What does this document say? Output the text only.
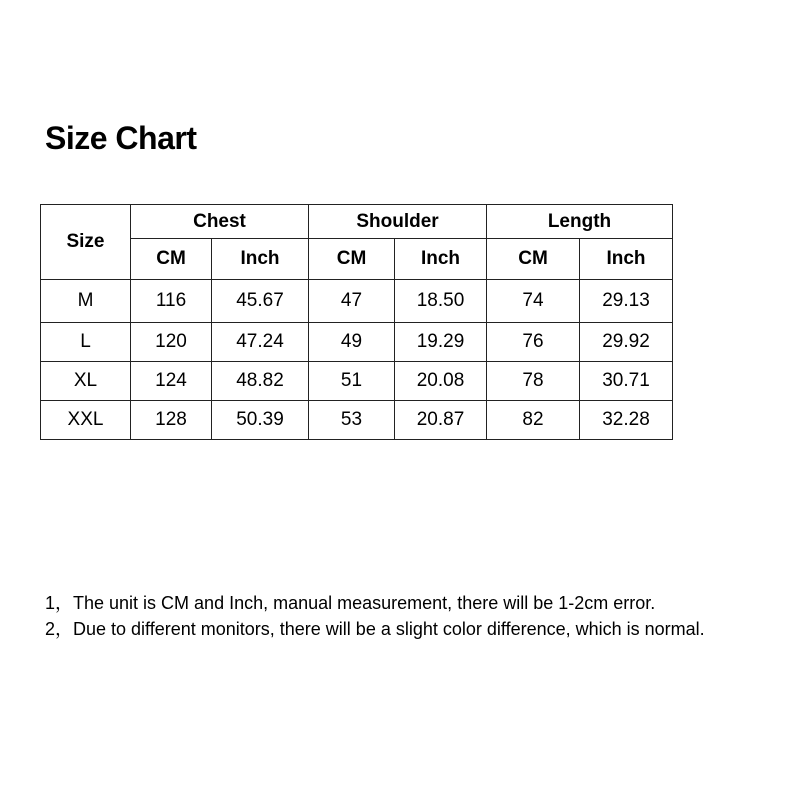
Size Chart
Size	Chest		Shoulder		Length	
	CM	Inch	CM	Inch	CM	Inch
M	116	45.67	47	18.50	74	29.13
L	120	47.24	49	19.29	76	29.92
XL	124	48.82	51	20.08	78	30.71
XXL	128	50.39	53	20.87	82	32.28
1，The unit is CM and Inch, manual measurement, there will be 1-2cm error.
2，Due to different monitors, there will be a slight color difference, which is normal.
